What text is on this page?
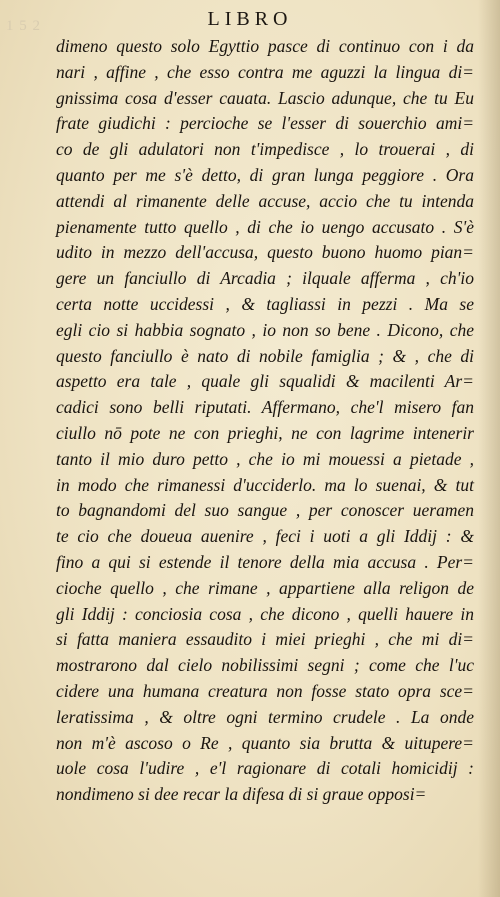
1 5 2	LIBRO
dimeno questo solo Egyttio pasce di continuo con i da
nari , affine , che esso contra me aguzzi la lingua di=
gnissima cosa d'esser cauata. Lascio adunque, che tu Eu
frate giudichi : percioche se l'esser di souerchio ami=
co de gli adulatori non t'impedisce , lo trouerai , di
quanto per me s'è detto, di gran lunga peggiore . Ora
attendi al rimanente delle accuse, accio che tu intenda
pienamente tutto quello , di che io uengo accusato . S'è
udito in mezzo dell'accusa, questo buono huomo pian=
gere un fanciullo di Arcadia ; ilquale afferma , ch'io
certa notte uccidessi , & tagliassi in pezzi . Ma se
egli cio si habbia sognato , io non so bene . Dicono, che
questo fanciullo è nato di nobile famiglia ; & , che di
aspetto era tale , quale gli squalidi & macilenti Ar=
cadici sono belli riputati. Affermano, che'l misero fan
ciullo nō pote ne con prieghi, ne con lagrime intenerir
tanto il mio duro petto , che io mi mouessi a pietade ,
in modo che rimanessi d'ucciderlo. ma lo suenai, & tut
to bagnandomi del suo sangue , per conoscer ueramen
te cio che doueua auenire , feci i uoti a gli Iddij : &
fino a qui si estende il tenore della mia accusa . Per=
cioche quello , che rimane , appartiene alla religon de
gli Iddij : conciosia cosa , che dicono , quelli hauere in
si fatta maniera essaudito i miei prieghi , che mi di=
mostrarono dal cielo nobilissimi segni ; come che l'uc
cidere una humana creatura non fosse stato opra sce=
leratissima , & oltre ogni termino crudele . La onde
non m'è ascoso o Re , quanto sia brutta & uitupere=
uole cosa l'udire , e'l ragionare di cotali homicidij :
nondimeno si dee recar la difesa di si graue opposi=
